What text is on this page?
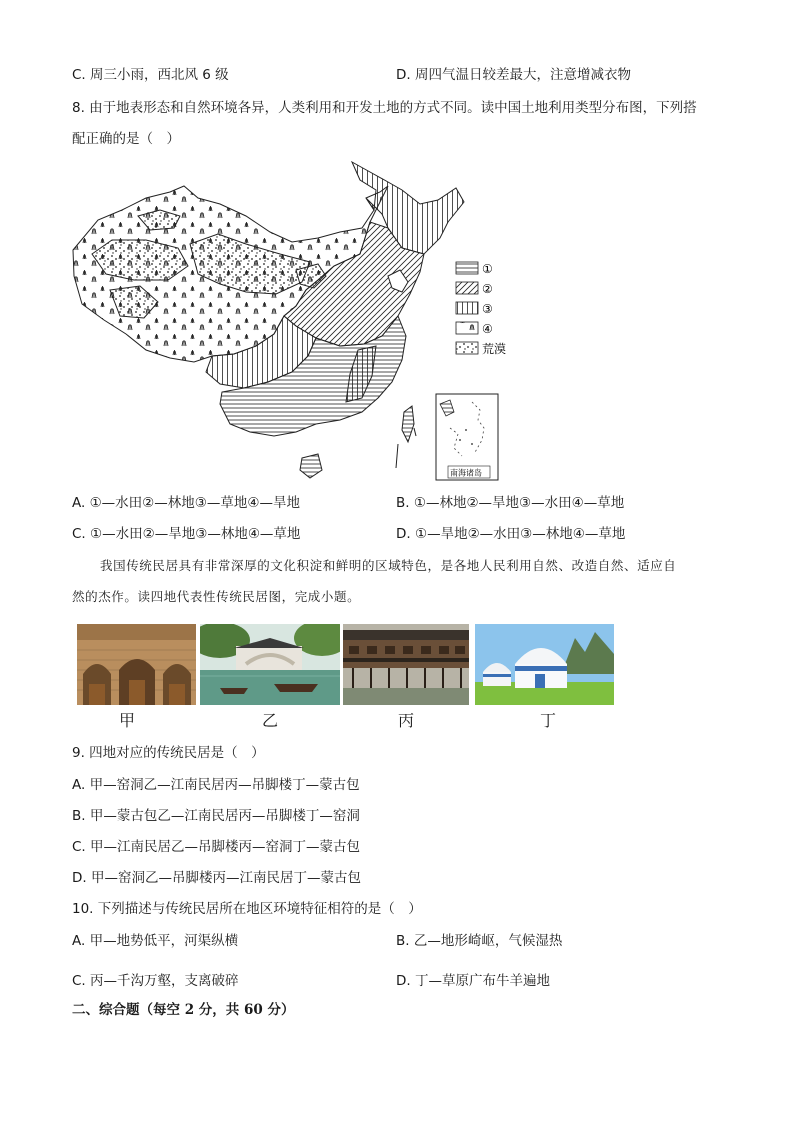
C. 周三小雨，西北风 6 级	D. 周四气温日较差最大，注意增减衣物
8. 由于地表形态和自然环境各异，人类利用和开发土地的方式不同。读中国土地利用类型分布图，下列搭
配正确的是（　）
①
②
③
④
荒漠
南海诸岛
A. ①—水田②—林地③—草地④—旱地	B. ①—林地②—旱地③—水田④—草地
C. ①—水田②—旱地③—林地④—草地	D. ①—旱地②—水田③—林地④—草地
我国传统民居具有非常深厚的文化积淀和鲜明的区域特色，是各地人民利用自然、改造自然、适应自
然的杰作。读四地代表性传统民居图，完成小题。
甲	乙	丙	丁
9. 四地对应的传统民居是（　）
A. 甲—窑洞乙—江南民居丙—吊脚楼丁—蒙古包
B. 甲—蒙古包乙—江南民居丙—吊脚楼丁—窑洞
C. 甲—江南民居乙—吊脚楼丙—窑洞丁—蒙古包
D. 甲—窑洞乙—吊脚楼丙—江南民居丁—蒙古包
10. 下列描述与传统民居所在地区环境特征相符的是（　）
A. 甲—地势低平，河渠纵横	B. 乙—地形崎岖，气候湿热
C. 丙—千沟万壑，支离破碎	D. 丁—草原广布牛羊遍地
二、综合题（每空 2 分，共 60 分）
